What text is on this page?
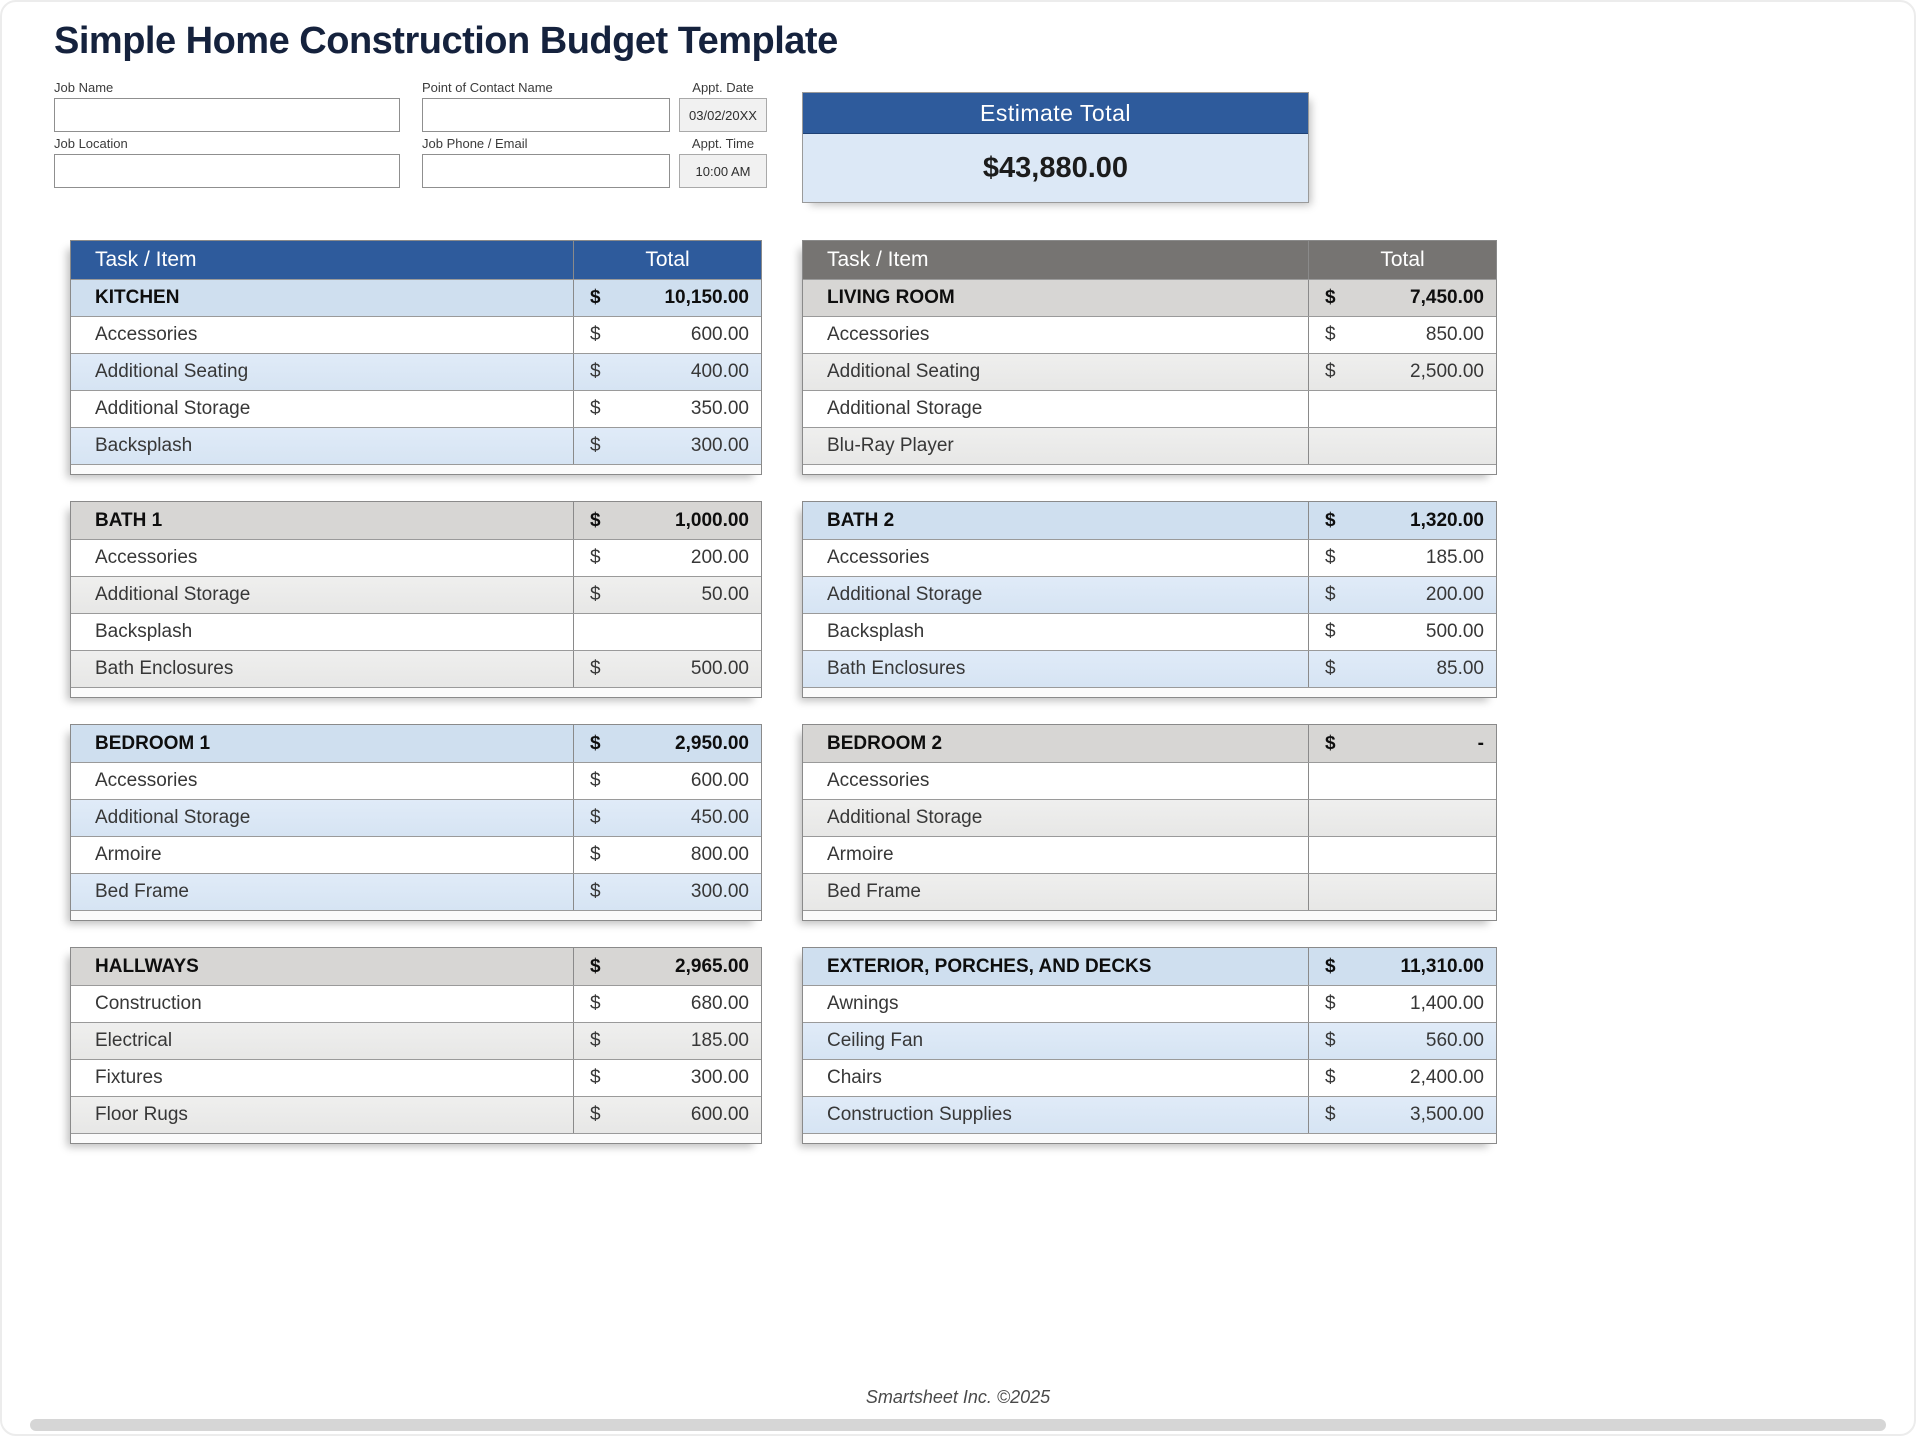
Simple Home Construction Budget Template
Job Name
Job Location
Point of Contact Name
Job Phone / Email
Appt. Date
03/02/20XX
Appt. Time
10:00 AM
Estimate Total
$43,880.00
Task / Item	Total
KITCHEN	$	10,150.00
Accessories	$	600.00
Additional Seating	$	400.00
Additional Storage	$	350.00
Backsplash	$	300.00
BATH 1	$	1,000.00
Accessories	$	200.00
Additional Storage	$	50.00
Backsplash
Bath Enclosures	$	500.00
BEDROOM 1	$	2,950.00
Accessories	$	600.00
Additional Storage	$	450.00
Armoire	$	800.00
Bed Frame	$	300.00
HALLWAYS	$	2,965.00
Construction	$	680.00
Electrical	$	185.00
Fixtures	$	300.00
Floor Rugs	$	600.00
Task / Item	Total
LIVING ROOM	$	7,450.00
Accessories	$	850.00
Additional Seating	$	2,500.00
Additional Storage
Blu-Ray Player
BATH 2	$	1,320.00
Accessories	$	185.00
Additional Storage	$	200.00
Backsplash	$	500.00
Bath Enclosures	$	85.00
BEDROOM 2	$	-
Accessories
Additional Storage
Armoire
Bed Frame
EXTERIOR, PORCHES, AND DECKS	$	11,310.00
Awnings	$	1,400.00
Ceiling Fan	$	560.00
Chairs	$	2,400.00
Construction Supplies	$	3,500.00
Smartsheet Inc. ©2025
